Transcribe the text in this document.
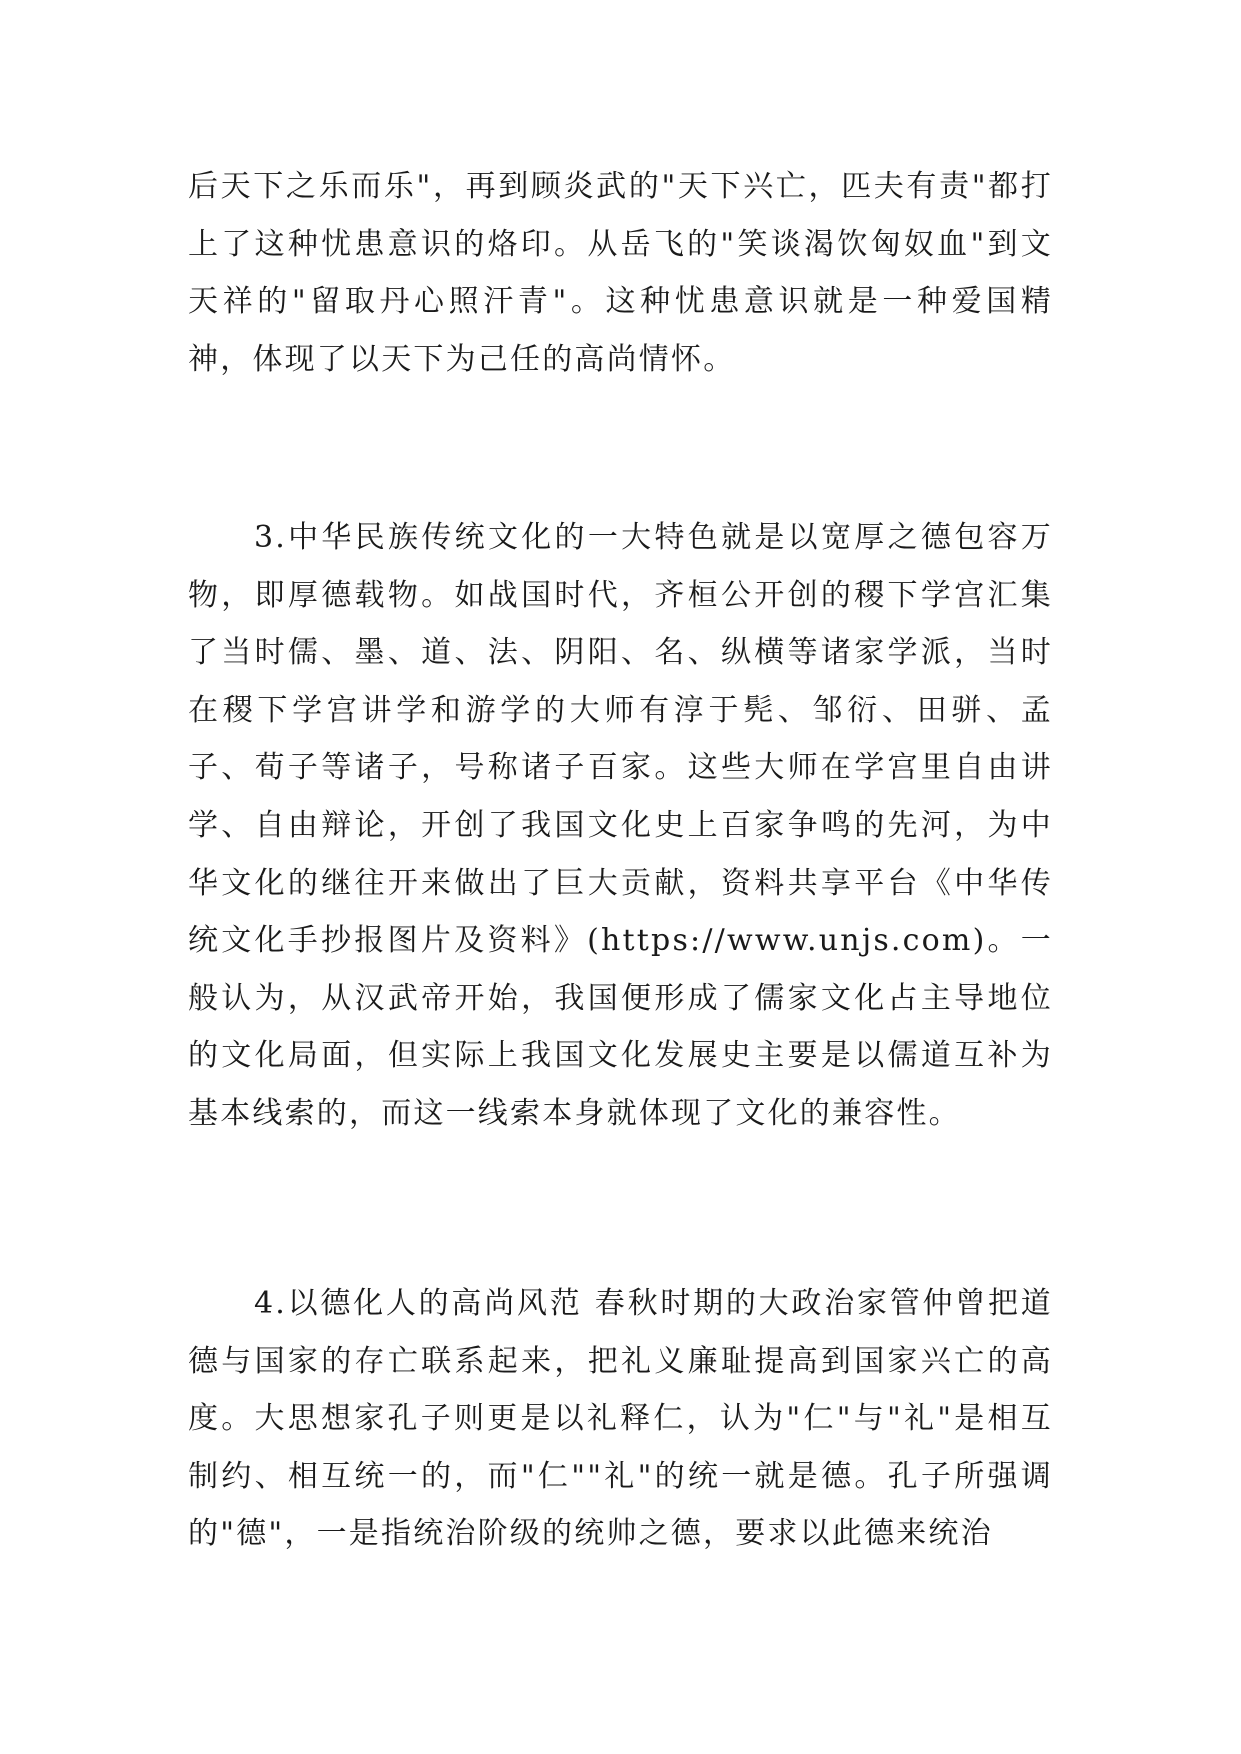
后天下之乐而乐"，再到顾炎武的"天下兴亡，匹夫有责"都打上了这种忧患意识的烙印。从岳飞的"笑谈渴饮匈奴血"到文天祥的"留取丹心照汗青"。这种忧患意识就是一种爱国精神，体现了以天下为己任的高尚情怀。

3.中华民族传统文化的一大特色就是以宽厚之德包容万物，即厚德载物。如战国时代，齐桓公开创的稷下学宫汇集了当时儒、墨、道、法、阴阳、名、纵横等诸家学派，当时在稷下学宫讲学和游学的大师有淳于髡、邹衍、田骈、孟子、荀子等诸子，号称诸子百家。这些大师在学宫里自由讲学、自由辩论，开创了我国文化史上百家争鸣的先河，为中华文化的继往开来做出了巨大贡献，资料共享平台《中华传统文化手抄报图片及资料》(https://www.unjs.com)。一般认为，从汉武帝开始，我国便形成了儒家文化占主导地位的文化局面，但实际上我国文化发展史主要是以儒道互补为基本线索的，而这一线索本身就体现了文化的兼容性。

4.以德化人的高尚风范 春秋时期的大政治家管仲曾把道德与国家的存亡联系起来，把礼义廉耻提高到国家兴亡的高度。大思想家孔子则更是以礼释仁，认为"仁"与"礼"是相互制约、相互统一的，而"仁""礼"的统一就是德。孔子所强调的"德"，一是指统治阶级的统帅之德，要求以此德来统治
